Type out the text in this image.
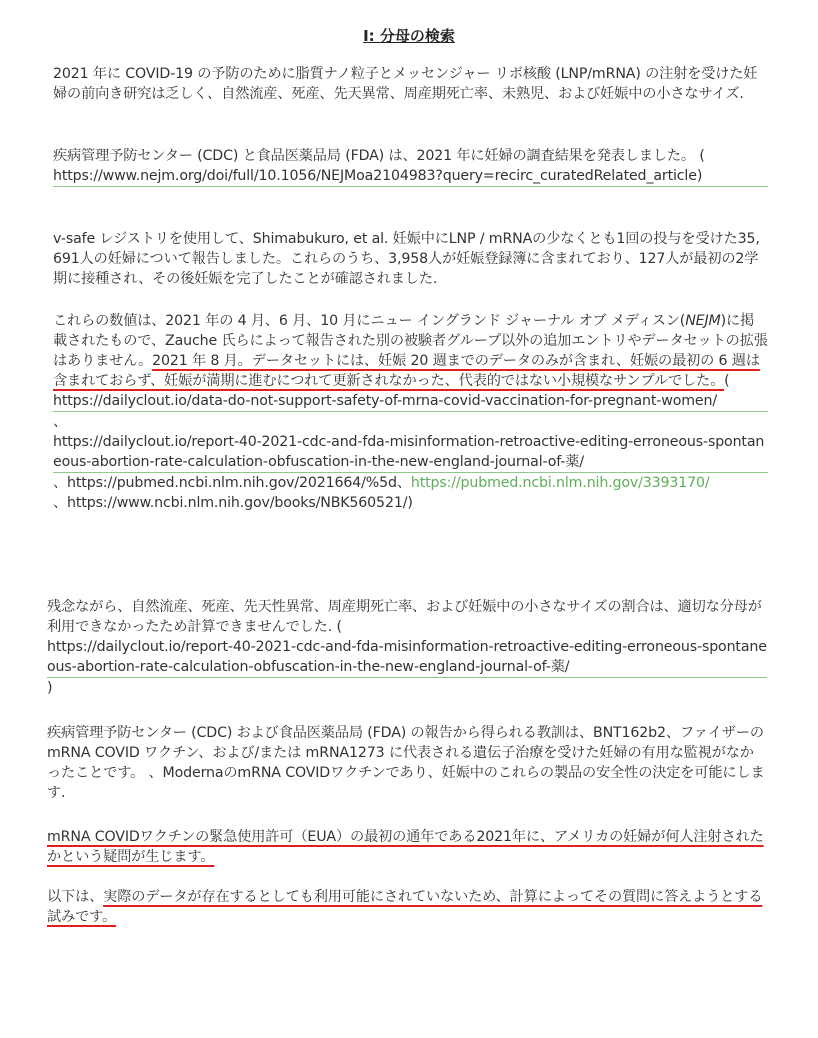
I: 分母の検索
2021 年に COVID-19 の予防のために脂質ナノ粒子とメッセンジャー リボ核酸 (LNP/mRNA) の注射を受けた妊婦の前向き研究は乏しく、自然流産、死産、先天異常、周産期死亡率、未熟児、および妊娠中の小さなサイズ.
疾病管理予防センター (CDC) と食品医薬品局 (FDA) は、2021 年に妊婦の調査結果を発表しました。 (
https://www.nejm.org/doi/full/10.1056/NEJMoa2104983?query=recirc_curatedRelated_article)
v-safe レジストリを使用して、Shimabukuro, et al. 妊娠中にLNP / mRNAの少なくとも1回の投与を受けた35,691人の妊婦について報告しました。これらのうち、3,958人が妊娠登録簿に含まれており、127人が最初の2学期に接種され、その後妊娠を完了したことが確認されました.
これらの数値は、2021 年の 4 月、6 月、10 月にニュー イングランド ジャーナル オブ メディスン(NEJM)に掲載されたもので、Zauche 氏らによって報告された別の被験者グループ以外の追加エントリやデータセットの拡張はありません。2021 年 8 月。データセットには、妊娠 20 週までのデータのみが含まれ、妊娠の最初の 6 週は含まれておらず、妊娠が満期に進むにつれて更新されなかった、代表的ではない小規模なサンプルでした。(
https://dailyclout.io/data-do-not-support-safety-of-mrna-covid-vaccination-for-pregnant-women/
、
https://dailyclout.io/report-40-2021-cdc-and-fda-misinformation-retroactive-editing-erroneous-spontaneous-abortion-rate-calculation-obfuscation-in-the-new-england-journal-of-薬/
、https://pubmed.ncbi.nlm.nih.gov/2021664/%5d、https://pubmed.ncbi.nlm.nih.gov/3393170/
、https://www.ncbi.nlm.nih.gov/books/NBK560521/)
残念ながら、自然流産、死産、先天性異常、周産期死亡率、および妊娠中の小さなサイズの割合は、適切な分母が利用できなかったため計算できませんでした. (
https://dailyclout.io/report-40-2021-cdc-and-fda-misinformation-retroactive-editing-erroneous-spontaneous-abortion-rate-calculation-obfuscation-in-the-new-england-journal-of-薬/
)
疾病管理予防センター (CDC) および食品医薬品局 (FDA) の報告から得られる教訓は、BNT162b2、ファイザーの mRNA COVID ワクチン、および/または mRNA1273 に代表される遺伝子治療を受けた妊婦の有用な監視がなかったことです。 、ModernaのmRNA COVIDワクチンであり、妊娠中のこれらの製品の安全性の決定を可能にします.
mRNA COVIDワクチンの緊急使用許可（EUA）の最初の通年である2021年に、アメリカの妊婦が何人注射されたかという疑問が生じます。
以下は、実際のデータが存在するとしても利用可能にされていないため、計算によってその質問に答えようとする試みです。
